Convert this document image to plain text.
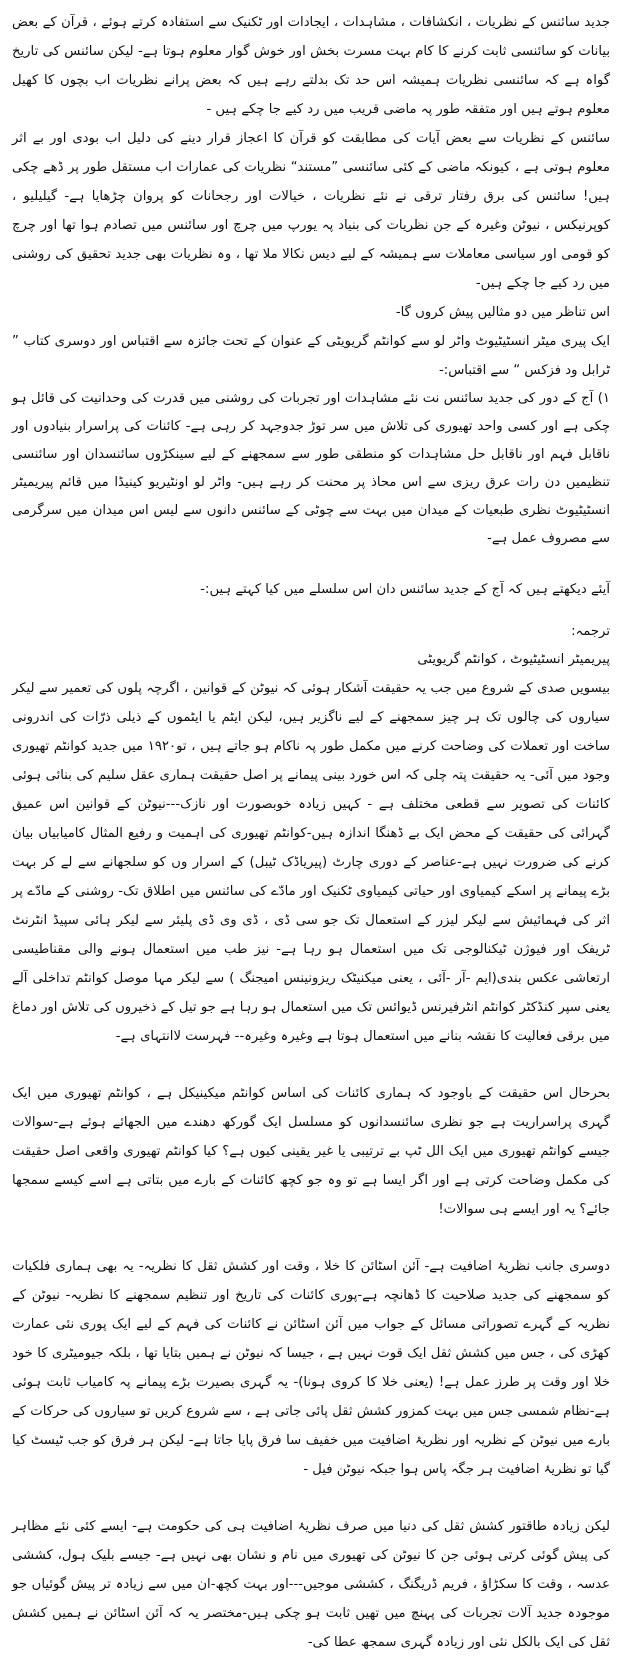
جدید سائنس کے نظریات ، انکشافات ، مشاہدات ، ایجادات اور ٹکنیک سے استفادہ کرتے ہوئے ، قرآن کے بعض بیانات کو سائنسی ثابت کرنے کا کام بہت مسرت بخش اور خوش گوار معلوم ہوتا ہے- لیکن سائنس کی تاریخ گواہ ہے کہ سائنسی نظریات ہمیشہ اس حد تک بدلتے رہے ہیں کہ بعض پرانے نظریات اب بچوں کا کھیل معلوم ہوتے ہیں اور متفقہ طور پہ ماضی قریب میں رد کیے جا چکے ہیں -

سائنس کے نظریات سے بعض آیات کی مطابقت کو قرآن کا اعجاز قرار دینے کی دلیل اب بودی اور بے اثر معلوم ہوتی ہے ، کیونکہ ماضی کے کئی سائنسی ”مستند“ نظریات کی عمارات اب مستقل طور پر ڈھے چکی ہیں! سائنس کی برق رفتار ترقی نے نئے نظریات ، خیالات اور رجحانات کو پروان چڑھایا ہے- گیلیلیو ، کوپرنیکس ، نیوٹن وغیرہ کے جن نظریات کی بنیاد پہ یورپ میں چرچ اور سائنس میں تصادم ہوا تھا اور چرچ کو قومی اور سیاسی معاملات سے ہمیشہ کے لیے دیس نکالا ملا تھا ، وہ نظریات بھی جدید تحقیق کی روشنی میں رد کیے جا چکے ہیں-

اس تناظر میں دو مثالیں پیش کروں گا-

ایک پیری میٹر انسٹیٹیوٹ واٹر لو سے کوانٹم گریویٹی کے عنوان کے تحت جائزہ سے اقتباس اور دوسری کتاب ” ٹرابل ود فزکس “ سے اقتباس:-

۱) آج کے دور کی جدید سائنس نت نئے مشاہدات اور تجربات کی روشنی میں قدرت کی وحدانیت کی قائل ہو چکی ہے اور کسی واحد تھیوری کی تلاش میں سر توڑ جدوجہد کر رہی ہے- کائنات کی پراسرار بنیادوں اور ناقابل فہم اور ناقابل حل مشاہدات کو منطقی طور سے سمجھنے کے لیے سینکڑوں سائنسدان اور سائنسی تنظیمیں دن رات عرق ریزی سے اس محاذ پر محنت کر رہے ہیں- واٹر لو اونٹیریو کینیڈا میں قائم پیریمیٹر انسٹیٹیوٹ نظری طبعیات کے میدان میں بہت سے چوٹی کے سائنس دانوں سے لیس اس میدان میں سرگرمی سے مصروف عمل ہے-

آیئے دیکھتے ہیں کہ آج کے جدید سائنس دان اس سلسلے میں کیا کہتے ہیں:-

ترجمہ:

پیریمیٹر انسٹیٹیوٹ ، کوانٹم گریویٹی

بیسویں صدی کے شروع میں جب یہ حقیقت آشکار ہوئی کہ نیوٹن کے قوانین ، اگرچہ پلوں کی تعمیر سے لیکر سیاروں کی چالوں تک ہر چیز سمجھنے کے لیے ناگزیر ہیں، لیکن ایٹم یا ایٹموں کے ذیلی ذرّات کی اندرونی ساخت اور تعملات کی وضاحت کرنے میں مکمل طور پہ ناکام ہو جاتے ہیں ، تو۱۹۲۰ میں جدید کوانٹم تھیوری وجود میں آئی- یہ حقیقت پتہ چلی کہ اس خورد بینی پیمانے پر اصل حقیقت ہماری عقل سلیم کی بنائی ہوئی کائنات کی تصویر سے قطعی مختلف ہے - کہیں زیادہ خوبصورت اور نازک---نیوٹن کے قوانین اس عمیق گہرائی کی حقیقت کے محض ایک بے ڈھنگا اندازہ ہیں-کوانٹم تھیوری کی اہمیت و رفیع المثال کامیابیاں بیان کرنے کی ضرورت نہیں ہے-عناصر کے دوری چارٹ (پیریاڈک ٹیبل) کے اسرار وں کو سلجھانے سے لے کر بہت بڑے پیمانے پر اسکے کیمیاوی اور حیاتی کیمیاوی ٹکنیک اور مادّے کی سائنس میں اطلاق تک- روشنی کے مادّے پر اثر کی فہمائیش سے لیکر لیزر کے استعمال تک جو سی ڈی ، ڈی وی ڈی پلیئر سے لیکر ہائی سپیڈ انٹرنٹ ٹریفک اور فیوژن ٹیکنالوجی تک میں استعمال ہو رہا ہے- نیز طب میں استعمال ہونے والی مقناطیسی ارتعاشی عکس بندی(ایم -آر -آئی ، یعنی میکنیٹک ریزونینس امیجنگ ) سے لیکر مہا موصل کوانٹم تداخلی آلے یعنی سپر کنڈکٹر کوانٹم انٹرفیرنس ڈیوائس تک میں استعمال ہو رہا ہے جو تیل کے ذخیروں کی تلاش اور دماغ میں برقی فعالیت کا نقشہ بنانے میں استعمال ہوتا ہے وغیرہ وغیرہ-- فہرست لاانتہای ہے-

بحرحال اس حقیقت کے باوجود کہ ہماری کائنات کی اساس کوانٹم میکینیکل ہے ، کوانٹم تھیوری میں ایک گہری پراسراریت ہے جو نظری سائنسدانوں کو مسلسل ایک گورکھ دھندے میں الجھائے ہوئے ہے-سوالات جیسے کوانٹم تھیوری میں ایک الل ٹپ بے ترتیبی یا غیر یقینی کیوں ہے؟ کیا کوانٹم تھیوری واقعی اصل حقیقت کی مکمل وضاحت کرتی ہے اور اگر ایسا ہے تو وہ جو کچھ کائنات کے بارے میں بتاتی ہے اسے کیسے سمجھا جائے؟ یہ اور ایسے ہی سوالات!

دوسری جانب نظریۂ اضافیت ہے- آئن اسٹائن کا خلا ، وقت اور کشش ثقل کا نظریہ- یہ بھی ہماری فلکیات کو سمجھنے کی جدید صلاحیت کا ڈھانچہ ہے-پوری کائنات کی تاریخ اور تنظیم سمجھنے کا نظریہ- نیوٹن کے نظریہ کے گہرے تصوراتی مسائل کے جواب میں آئن اسٹائن نے کائنات کی فہم کے لیے ایک پوری نئی عمارت کھڑی کی ، جس میں کشش ثقل ایک قوت نہیں ہے ، جیسا کہ نیوٹن نے ہمیں بتایا تھا ، بلکہ جیومیٹری کا خود خلا اور وقت پر طرز عمل ہے! (یعنی خلا کا کروی ہونا)- یہ گہری بصیرت بڑے پیمانے پہ کامیاب ثابت ہوئی ہے-نظام شمسی جس میں بہت کمزور کشش ثقل پائی جاتی ہے ، سے شروع کریں تو سیاروں کی حرکات کے بارے میں نیوٹن کے نظریہ اور نظریۂ اضافیت میں خفیف سا فرق پایا جاتا ہے- لیکن ہر فرق کو جب ٹیسٹ کیا گیا تو نظریۂ اضافیت ہر جگہ پاس ہوا جبکہ نیوٹن فیل -

لیکن زیادہ طاقتور کشش ثقل کی دنیا میں صرف نظریۂ اضافیت ہی کی حکومت ہے- ایسے کئی نئے مظاہر کی پیش گوئی کرتی ہوئی جن کا نیوٹن کی تھیوری میں نام و نشان بھی نہیں ہے- جیسے بلیک ہول، کششی عدسہ ، وقت کا سکڑاؤ ، فریم ڈریگنگ ، کششی موجیں---اور بہت کچھ-ان میں سے زیادہ تر پیش گوئیاں جو موجودہ جدید آلات تجربات کی پہنچ میں تھیں ثابت ہو چکی ہیں-مختصر یہ کہ آئن اسٹائن نے ہمیں کشش ثقل کی ایک بالکل نئی اور زیادہ گہری سمجھ عطا کی-
